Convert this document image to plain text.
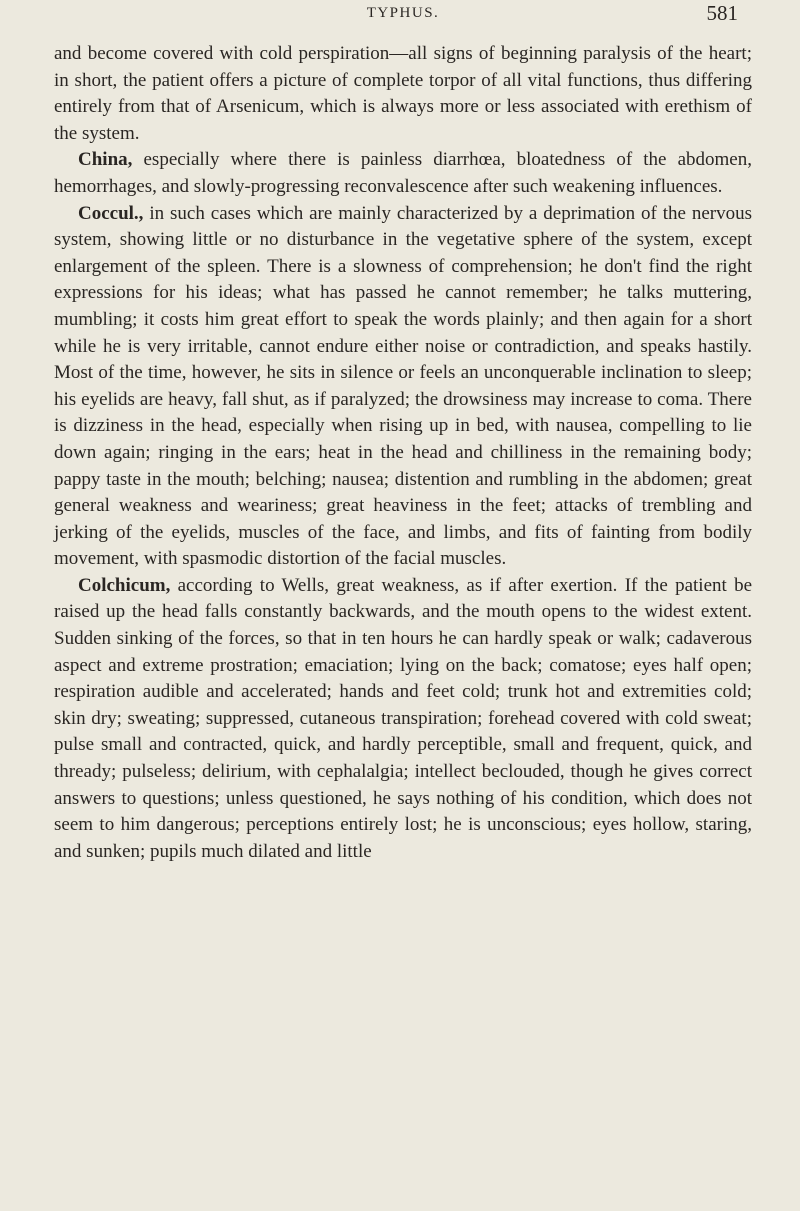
TYPHUS.	581

and become covered with cold perspiration—all signs of beginning paralysis of the heart; in short, the patient offers a picture of complete torpor of all vital functions, thus differing entirely from that of Arsenicum, which is always more or less associated with erethism of the system.

China, especially where there is painless diarrhœa, bloatedness of the abdomen, hemorrhages, and slowly-progressing reconvalescence after such weakening influences.

Coccul., in such cases which are mainly characterized by a deprimation of the nervous system, showing little or no disturbance in the vegetative sphere of the system, except enlargement of the spleen. There is a slowness of comprehension; he don't find the right expressions for his ideas; what has passed he cannot remember; he talks muttering, mumbling; it costs him great effort to speak the words plainly; and then again for a short while he is very irritable, cannot endure either noise or contradiction, and speaks hastily. Most of the time, however, he sits in silence or feels an unconquerable inclination to sleep; his eyelids are heavy, fall shut, as if paralyzed; the drowsiness may increase to coma. There is dizziness in the head, especially when rising up in bed, with nausea, compelling to lie down again; ringing in the ears; heat in the head and chilliness in the remaining body; pappy taste in the mouth; belching; nausea; distention and rumbling in the abdomen; great general weakness and weariness; great heaviness in the feet; attacks of trembling and jerking of the eyelids, muscles of the face, and limbs, and fits of fainting from bodily movement, with spasmodic distortion of the facial muscles.

Colchicum, according to Wells, great weakness, as if after exertion. If the patient be raised up the head falls constantly backwards, and the mouth opens to the widest extent. Sudden sinking of the forces, so that in ten hours he can hardly speak or walk; cadaverous aspect and extreme prostration; emaciation; lying on the back; comatose; eyes half open; respiration audible and accelerated; hands and feet cold; trunk hot and extremities cold; skin dry; sweating; suppressed, cutaneous transpiration; forehead covered with cold sweat; pulse small and contracted, quick, and hardly perceptible, small and frequent, quick, and thready; pulseless; delirium, with cephalalgia; intellect beclouded, though he gives correct answers to questions; unless questioned, he says nothing of his condition, which does not seem to him dangerous; perceptions entirely lost; he is unconscious; eyes hollow, staring, and sunken; pupils much dilated and little
